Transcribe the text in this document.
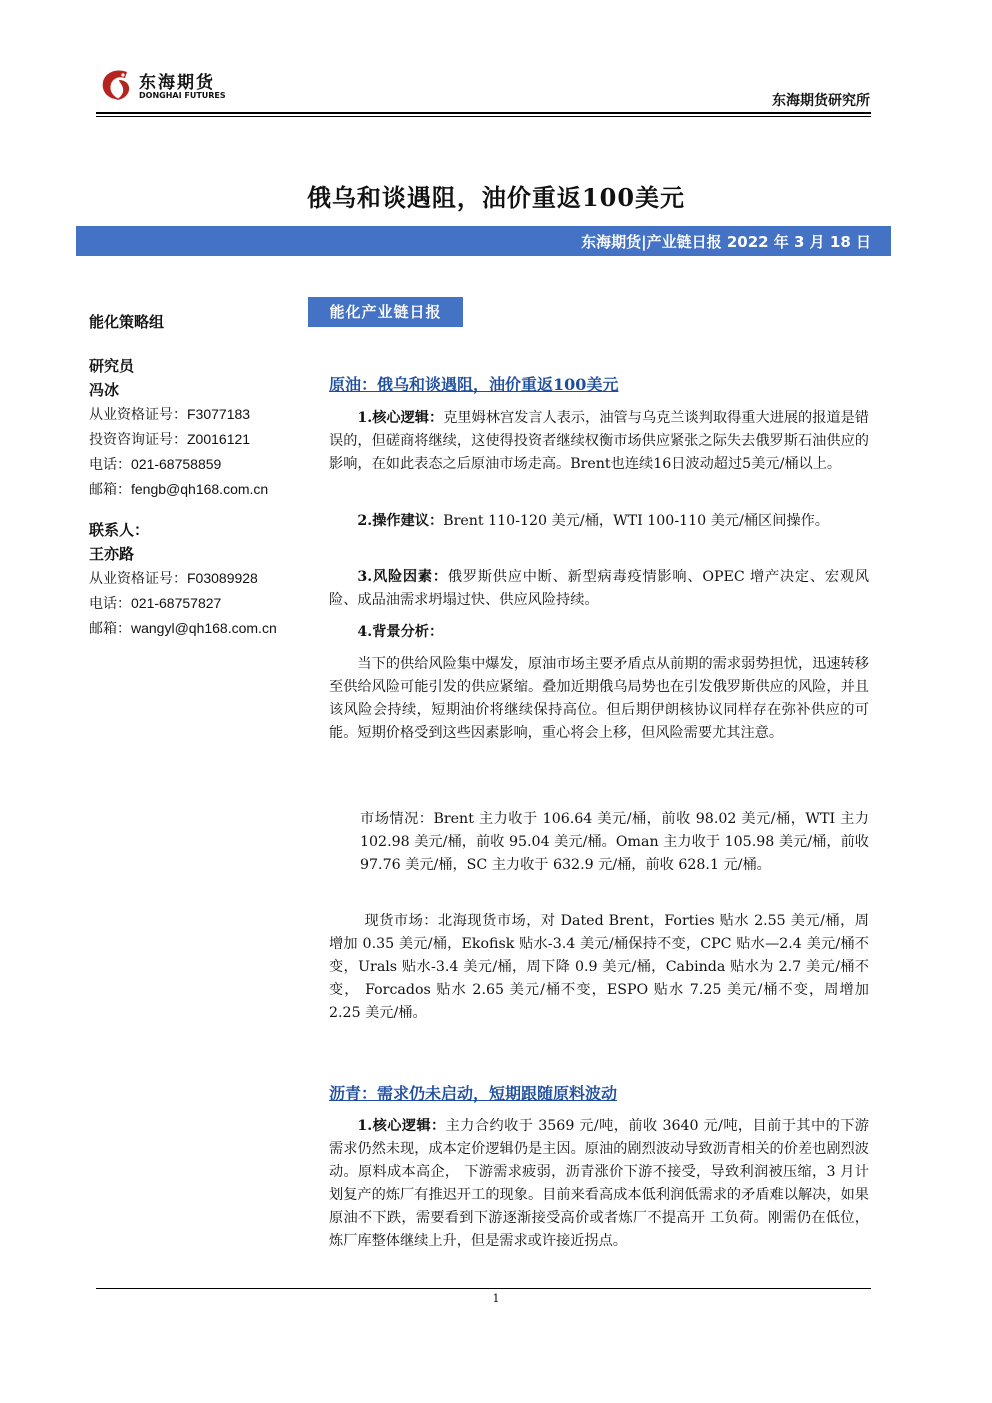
东海期货
DONGHAI FUTURES	东海期货研究所
俄乌和谈遇阻，油价重返100美元
东海期货|产业链日报 2022 年 3 月 18 日
能化策略组
研究员
冯冰
从业资格证号：F3077183
投资咨询证号：Z0016121
电话：021-68758859
邮箱：fengb@qh168.com.cn
联系人：
王亦路
从业资格证号：F03089928
电话：021-68757827
邮箱：wangyl@qh168.com.cn
能化产业链日报
原油：俄乌和谈遇阻，油价重返100美元
1.核心逻辑：克里姆林宫发言人表示，油管与乌克兰谈判取得重大进展的报道是错误的，但磋商将继续，这使得投资者继续权衡市场供应紧张之际失去俄罗斯石油供应的影响，在如此表态之后原油市场走高。Brent也连续16日波动超过5美元/桶以上。
2.操作建议：Brent 110-120 美元/桶，WTI 100-110 美元/桶区间操作。
3.风险因素：俄罗斯供应中断、新型病毒疫情影响、OPEC 增产决定、宏观风险、成品油需求坍塌过快、供应风险持续。
4.背景分析：
当下的供给风险集中爆发，原油市场主要矛盾点从前期的需求弱势担忧，迅速转移至供给风险可能引发的供应紧缩。叠加近期俄乌局势也在引发俄罗斯供应的风险，并且该风险会持续，短期油价将继续保持高位。但后期伊朗核协议同样存在弥补供应的可能。短期价格受到这些因素影响，重心将会上移，但风险需要尤其注意。
市场情况：Brent 主力收于 106.64 美元/桶，前收 98.02 美元/桶，WTI 主力 102.98 美元/桶，前收 95.04 美元/桶。Oman 主力收于 105.98 美元/桶，前收 97.76 美元/桶，SC 主力收于 632.9 元/桶，前收 628.1 元/桶。
现货市场：北海现货市场，对 Dated Brent，Forties 贴水 2.55 美元/桶，周增加 0.35 美元/桶，Ekofisk 贴水-3.4 美元/桶保持不变，CPC 贴水—2.4 美元/桶不变，Urals 贴水-3.4 美元/桶，周下降 0.9 美元/桶，Cabinda 贴水为 2.7 美元/桶不变， Forcados 贴水 2.65 美元/桶不变，ESPO 贴水 7.25 美元/桶不变，周增加 2.25 美元/桶。
沥青：需求仍未启动，短期跟随原料波动
1.核心逻辑：主力合约收于 3569 元/吨，前收 3640 元/吨，目前于其中的下游需求仍然未现，成本定价逻辑仍是主因。原油的剧烈波动导致沥青相关的价差也剧烈波动。原料成本高企， 下游需求疲弱，沥青涨价下游不接受，导致利润被压缩，3 月计划复产的炼厂有推迟开工的现象。目前来看高成本低利润低需求的矛盾难以解决，如果原油不下跌，需要看到下游逐渐接受高价或者炼厂不提高开 工负荷。刚需仍在低位，炼厂库整体继续上升，但是需求或许接近拐点。
1
